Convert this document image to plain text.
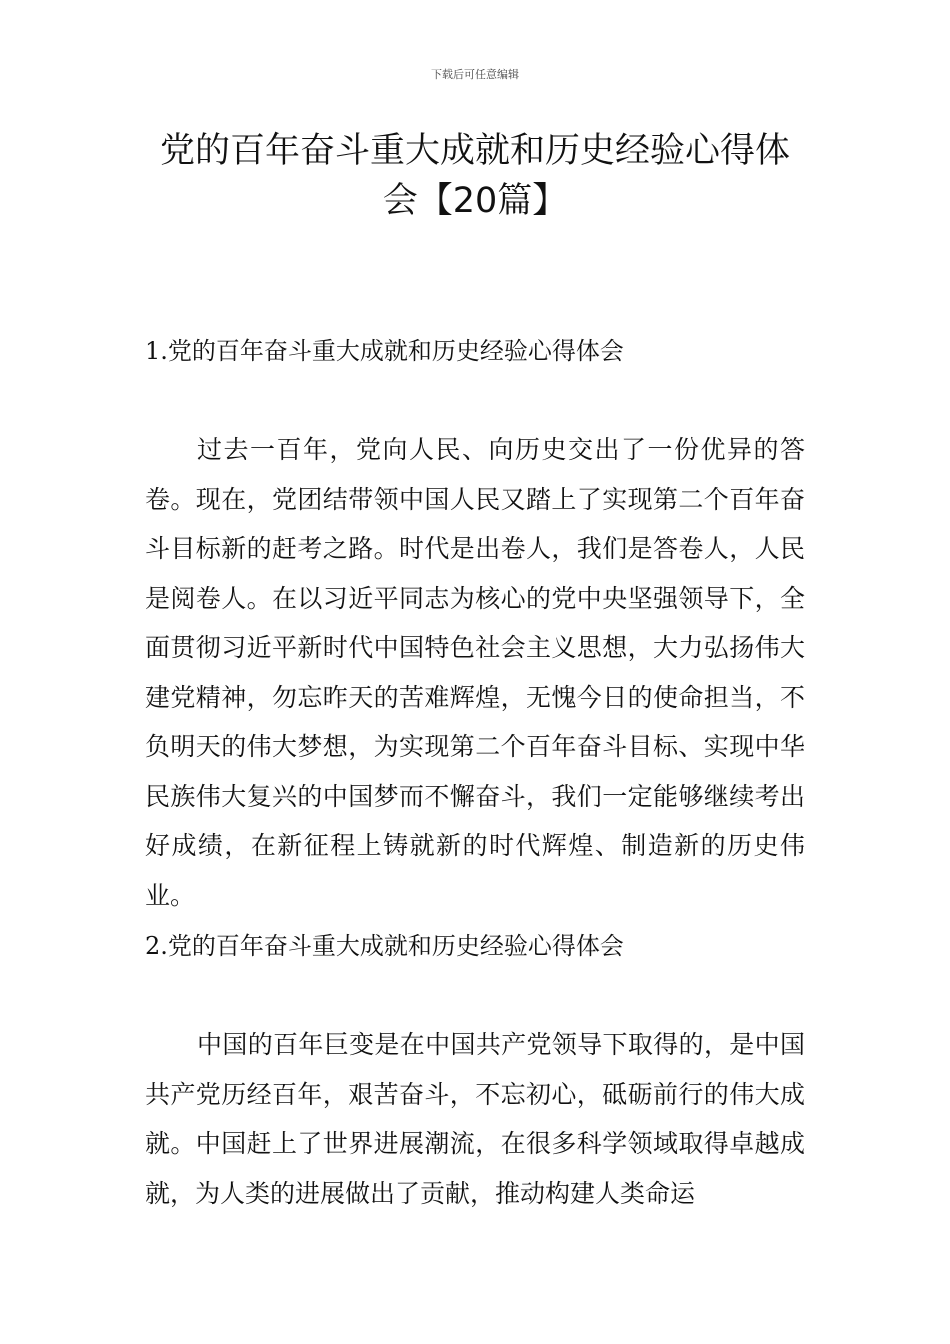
下载后可任意编辑
党的百年奋斗重大成就和历史经验心得体会【20篇】
1.党的百年奋斗重大成就和历史经验心得体会

过去一百年，党向人民、向历史交出了一份优异的答卷。现在，党团结带领中国人民又踏上了实现第二个百年奋斗目标新的赶考之路。时代是出卷人，我们是答卷人，人民是阅卷人。在以习近平同志为核心的党中央坚强领导下，全面贯彻习近平新时代中国特色社会主义思想，大力弘扬伟大建党精神，勿忘昨天的苦难辉煌，无愧今日的使命担当，不负明天的伟大梦想，为实现第二个百年奋斗目标、实现中华民族伟大复兴的中国梦而不懈奋斗，我们一定能够继续考出好成绩，在新征程上铸就新的时代辉煌、制造新的历史伟业。

2.党的百年奋斗重大成就和历史经验心得体会

中国的百年巨变是在中国共产党领导下取得的，是中国共产党历经百年，艰苦奋斗，不忘初心，砥砺前行的伟大成就。中国赶上了世界进展潮流，在很多科学领域取得卓越成就，为人类的进展做出了贡献，推动构建人类命运
